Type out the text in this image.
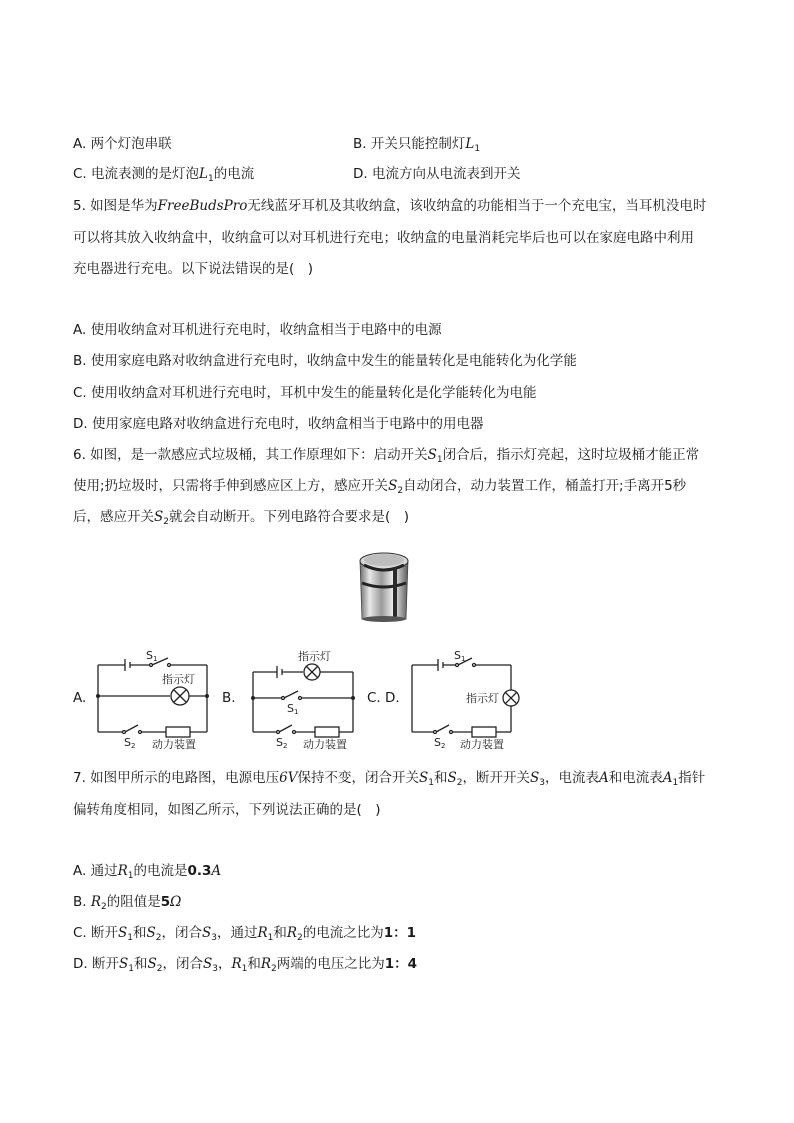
A. 两个灯泡串联	B. 开关只能控制灯$L_1$
C. 电流表测的是灯泡$L_1$的电流	D. 电流方向从电流表到开关
5. 如图是华为FreeBudsPro无线蓝牙耳机及其收纳盒，该收纳盒的功能相当于一个充电宝，当耳机没电时
可以将其放入收纳盒中，收纳盒可以对耳机进行充电；收纳盒的电量消耗完毕后也可以在家庭电路中利用
充电器进行充电。以下说法错误的是(　)
A. 使用收纳盒对耳机进行充电时，收纳盒相当于电路中的电源
B. 使用家庭电路对收纳盒进行充电时，收纳盒中发生的能量转化是电能转化为化学能
C. 使用收纳盒对耳机进行充电时，耳机中发生的能量转化是化学能转化为电能
D. 使用家庭电路对收纳盒进行充电时，收纳盒相当于电路中的用电器
6. 如图，是一款感应式垃圾桶，其工作原理如下：启动开关$S_1$闭合后，指示灯亮起，这时垃圾桶才能正常
使用;扔垃圾时，只需将手伸到感应区上方，感应开关$S_2$自动闭合，动力装置工作，桶盖打开;手离开5秒
后，感应开关$S_2$就会自动断开。下列电路符合要求是(　)
A.
S1
指示灯
S2 动力装置
B.
指示灯
S1
S2 动力装置
C. D.
S1
指示灯
S2 动力装置
7. 如图甲所示的电路图，电源电压6V保持不变，闭合开关$S_1$和$S_2$，断开开关$S_3$，电流表A和电流表$A_1$指针
偏转角度相同，如图乙所示，下列说法正确的是(　)
A. 通过$R_1$的电流是0.3A
B. $R_2$的阻值是5Ω
C. 断开$S_1$和$S_2$，闭合$S_3$，通过$R_1$和$R_2$的电流之比为1：1
D. 断开$S_1$和$S_2$，闭合$S_3$，$R_1$和$R_2$两端的电压之比为1：4
